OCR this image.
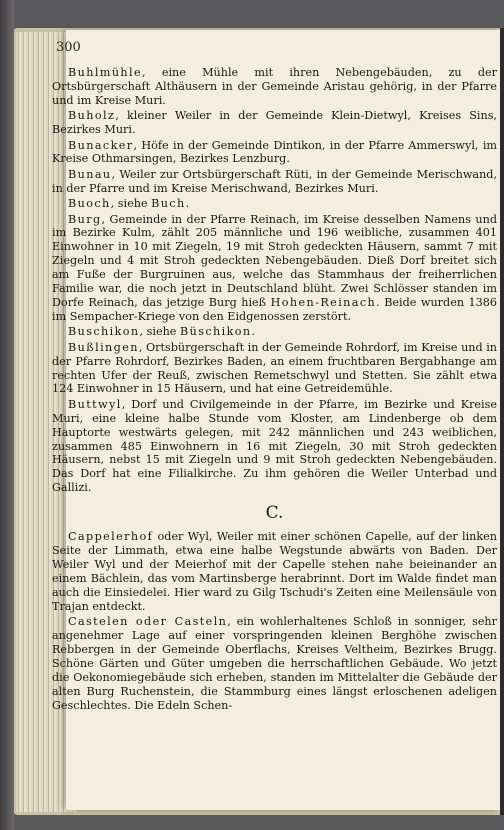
300

Buhlmühle, eine Mühle mit ihren Nebengebäuden, zu der Ortsbürgerschaft Althäusern in der Gemeinde Aristau gehörig, in der Pfarre und im Kreise Muri.

Buholz, kleiner Weiler in der Gemeinde Klein-Dietwyl, Kreises Sins, Bezirkes Muri.

Bunacker, Höfe in der Gemeinde Dintikon, in der Pfarre Ammerswyl, im Kreise Othmarsingen, Bezirkes Lenzburg.

Bunau, Weiler zur Ortsbürgerschaft Rüti, in der Gemeinde Merischwand, in der Pfarre und im Kreise Merischwand, Bezirkes Muri.

Buoch, siehe Buch.

Burg, Gemeinde in der Pfarre Reinach, im Kreise desselben Namens und im Bezirke Kulm, zählt 205 männliche und 196 weibliche, zusammen 401 Einwohner in 10 mit Ziegeln, 19 mit Stroh gedeckten Häusern, sammt 7 mit Ziegeln und 4 mit Stroh gedeckten Nebengebäuden. Dieß Dorf breitet sich am Fuße der Burgruinen aus, welche das Stammhaus der freiherrlichen Familie war, die noch jetzt in Deutschland blüht. Zwei Schlösser standen im Dorfe Reinach, das jetzige Burg hieß Hohen-Reinach. Beide wurden 1386 im Sempacher-Kriege von den Eidgenossen zerstört.

Buschikon, siehe Büschikon.

Bußlingen, Ortsbürgerschaft in der Gemeinde Rohrdorf, im Kreise und in der Pfarre Rohrdorf, Bezirkes Baden, an einem fruchtbaren Bergabhange am rechten Ufer der Reuß, zwischen Remetschwyl und Stetten. Sie zählt etwa 124 Einwohner in 15 Häusern, und hat eine Getreidemühle.

Buttwyl, Dorf und Civilgemeinde in der Pfarre, im Bezirke und Kreise Muri, eine kleine halbe Stunde vom Kloster, am Lindenberge ob dem Hauptorte westwärts gelegen, mit 242 männlichen und 243 weiblichen, zusammen 485 Einwohnern in 16 mit Ziegeln, 30 mit Stroh gedeckten Häusern, nebst 15 mit Ziegeln und 9 mit Stroh gedeckten Nebengebäuden. Das Dorf hat eine Filialkirche. Zu ihm gehören die Weiler Unterbad und Gallizi.

C.

Cappelerhof oder Wyl, Weiler mit einer schönen Capelle, auf der linken Seite der Limmath, etwa eine halbe Wegstunde abwärts von Baden. Der Weiler Wyl und der Meierhof mit der Capelle stehen nahe beieinander an einem Bächlein, das vom Martinsberge herabrinnt. Dort im Walde findet man auch die Einsiedelei. Hier ward zu Gilg Tschudi's Zeiten eine Meilensäule von Trajan entdeckt.

Castelen oder Casteln, ein wohlerhaltenes Schloß in sonniger, sehr angenehmer Lage auf einer vorspringenden kleinen Berghöhe zwischen Rebbergen in der Gemeinde Oberflachs, Kreises Veltheim, Bezirkes Brugg. Schöne Gärten und Güter umgeben die herrschaftlichen Gebäude. Wo jetzt die Oekonomiegebäude sich erheben, standen im Mittelalter die Gebäude der alten Burg Ruchenstein, die Stammburg eines längst erloschenen adeligen Geschlechtes. Die Edeln Schen-
